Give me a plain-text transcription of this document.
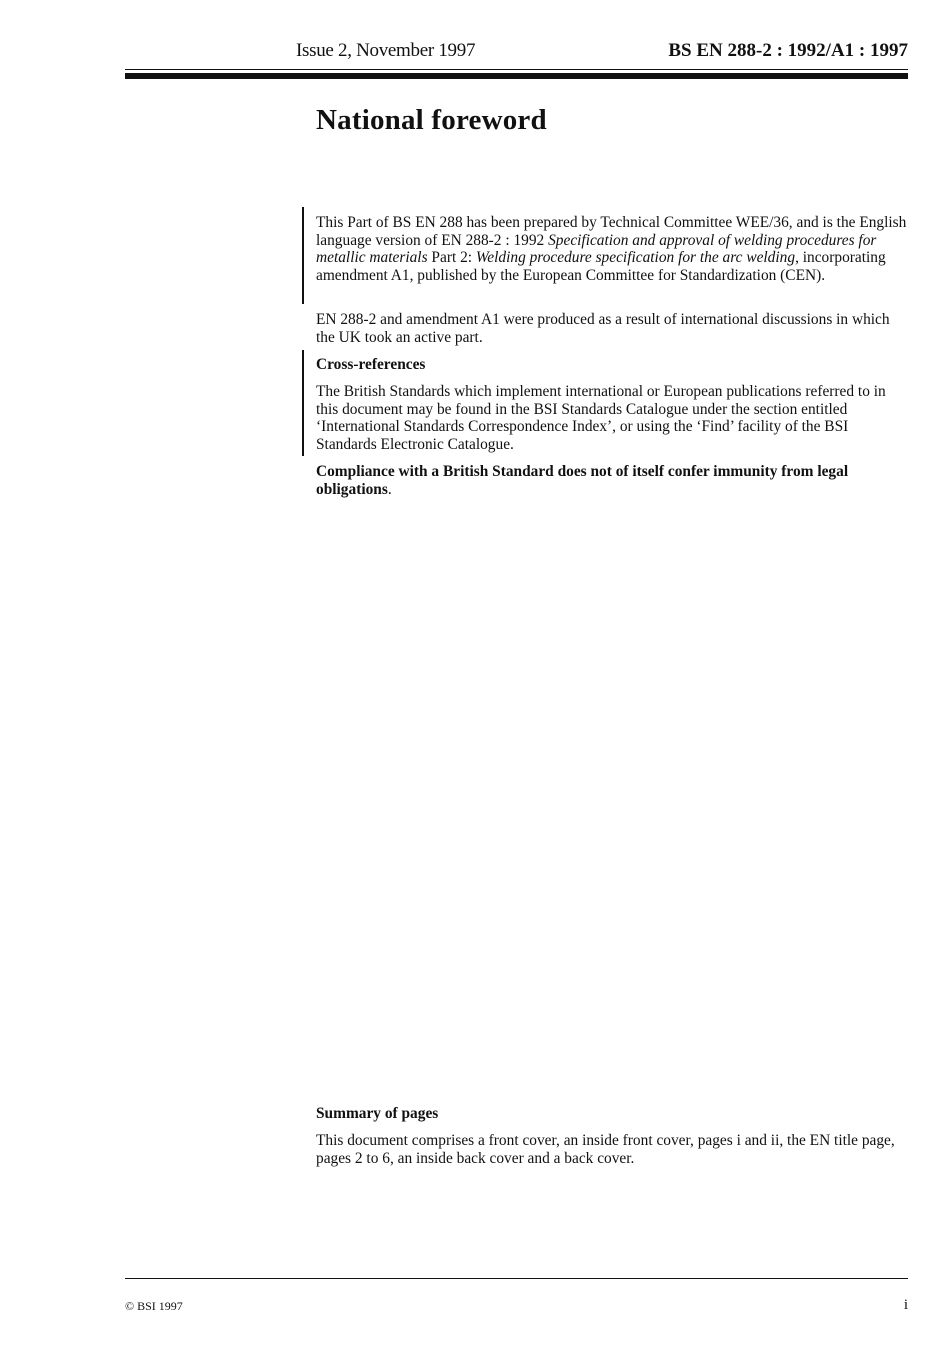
Issue 2, November 1997	BS EN 288-2 : 1992/A1 : 1997
National foreword

This Part of BS EN 288 has been prepared by Technical Committee WEE/36, and is the English language version of EN 288-2 : 1992 Specification and approval of welding procedures for metallic materials Part 2: Welding procedure specification for the arc welding, incorporating amendment A1, published by the European Committee for Standardization (CEN).

EN 288-2 and amendment A1 were produced as a result of international discussions in which the UK took an active part.

Cross-references

The British Standards which implement international or European publications referred to in this document may be found in the BSI Standards Catalogue under the section entitled ‘International Standards Correspondence Index’, or using the ‘Find’ facility of the BSI Standards Electronic Catalogue.

Compliance with a British Standard does not of itself confer immunity from legal obligations.

Summary of pages

This document comprises a front cover, an inside front cover, pages i and ii, the EN title page, pages 2 to 6, an inside back cover and a back cover.

© BSI 1997	i
